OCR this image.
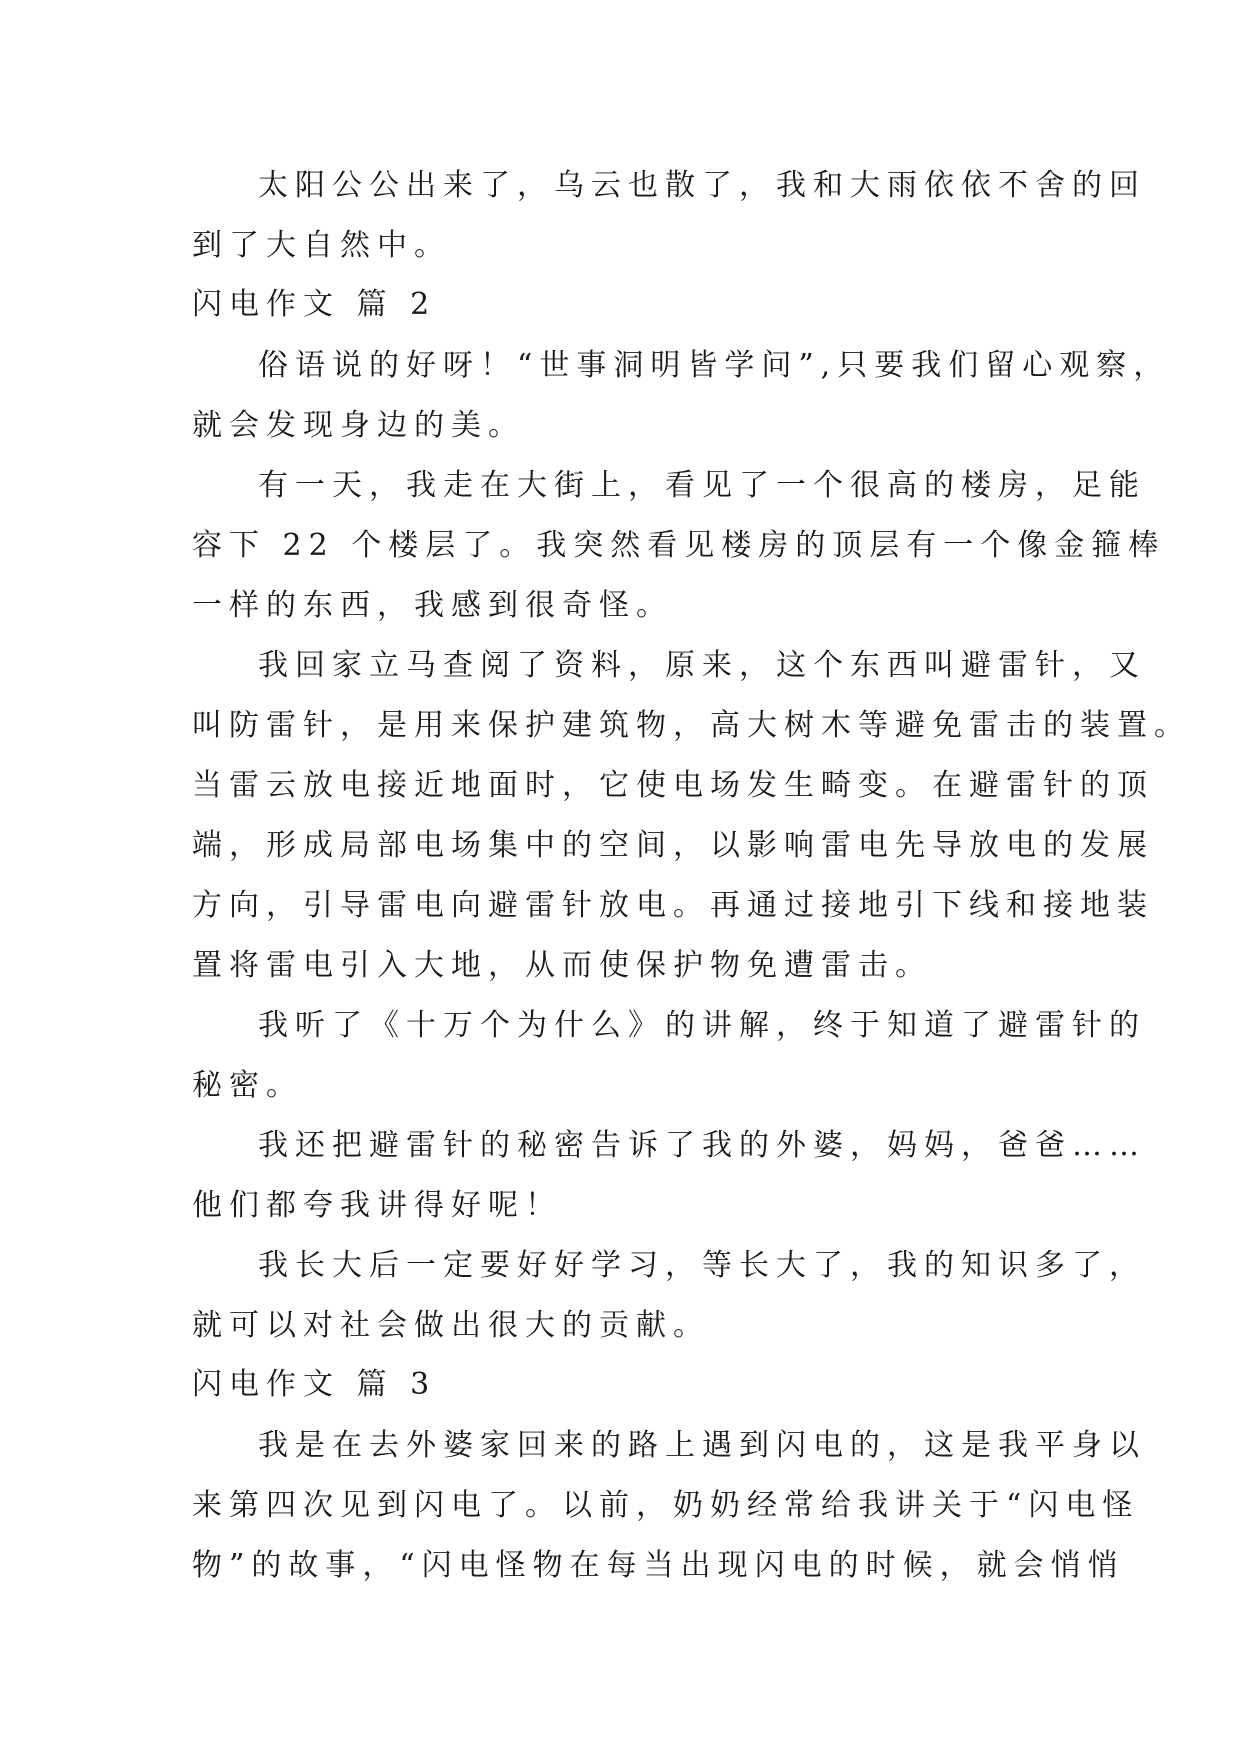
太阳公公出来了，乌云也散了，我和大雨依依不舍的回
到了大自然中。
闪电作文 篇 2
俗语说的好呀！“世事洞明皆学问”,只要我们留心观察，
就会发现身边的美。
有一天，我走在大街上，看见了一个很高的楼房，足能
容下 22 个楼层了。我突然看见楼房的顶层有一个像金箍棒
一样的东西，我感到很奇怪。
我回家立马查阅了资料，原来，这个东西叫避雷针，又
叫防雷针，是用来保护建筑物，高大树木等避免雷击的装置。
当雷云放电接近地面时，它使电场发生畸变。在避雷针的顶
端，形成局部电场集中的空间，以影响雷电先导放电的发展
方向，引导雷电向避雷针放电。再通过接地引下线和接地装
置将雷电引入大地，从而使保护物免遭雷击。
我听了《十万个为什么》的讲解，终于知道了避雷针的
秘密。
我还把避雷针的秘密告诉了我的外婆，妈妈，爸爸……
他们都夸我讲得好呢！
我长大后一定要好好学习，等长大了，我的知识多了，
就可以对社会做出很大的贡献。
闪电作文 篇 3
我是在去外婆家回来的路上遇到闪电的，这是我平身以
来第四次见到闪电了。以前，奶奶经常给我讲关于“闪电怪
物”的故事，“闪电怪物在每当出现闪电的时候，就会悄悄
